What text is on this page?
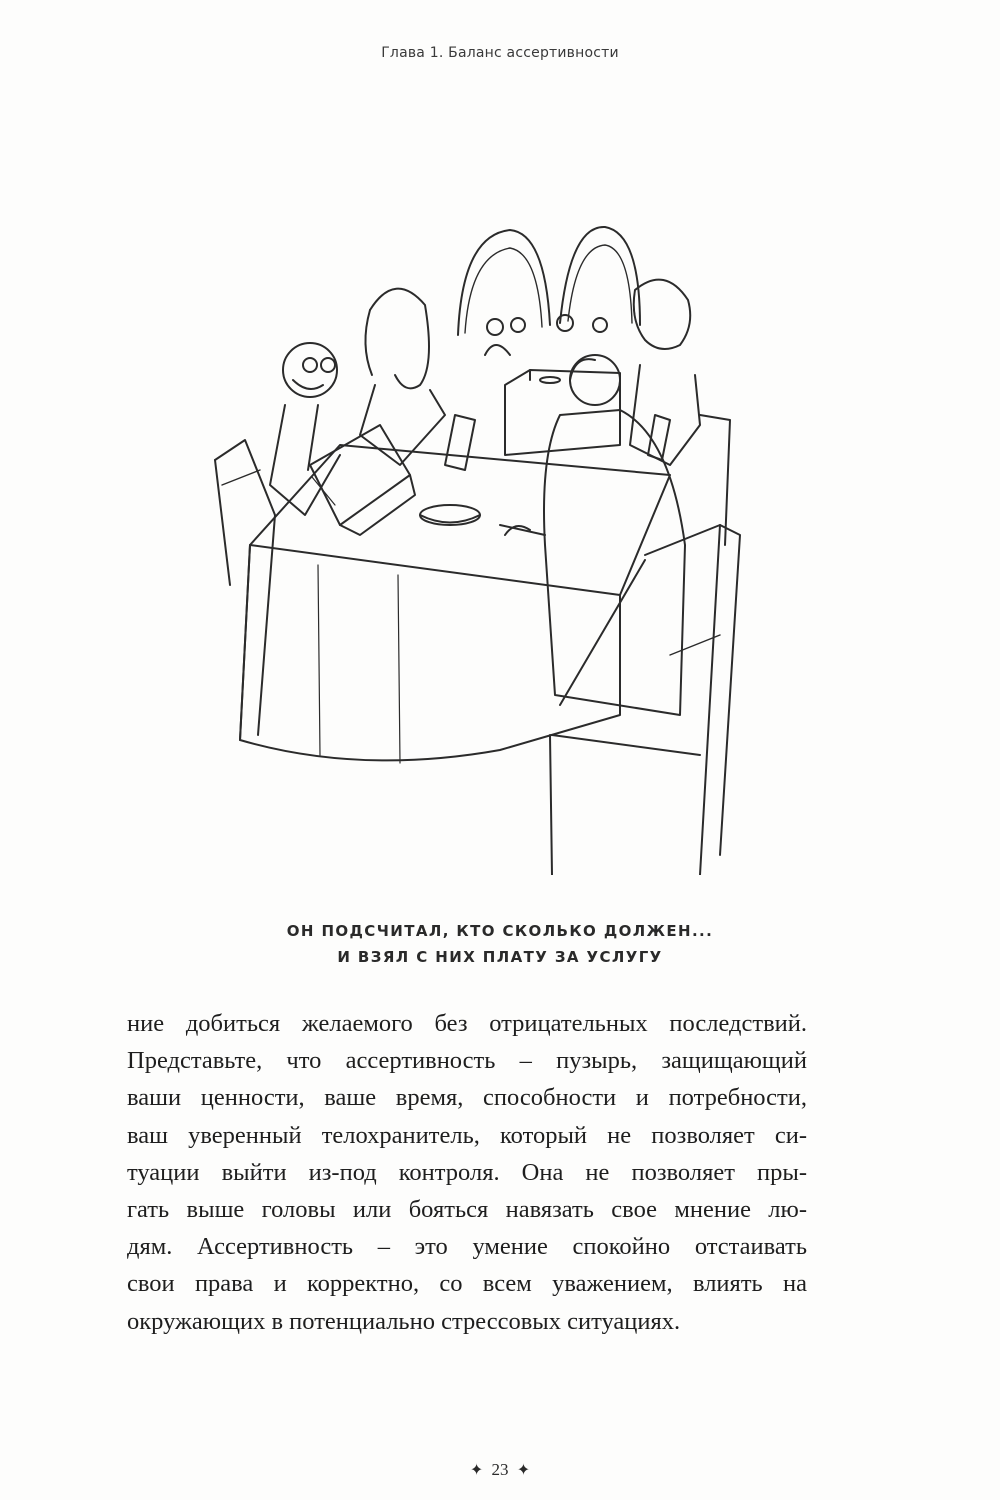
Глава 1. Баланс ассертивности
ОН ПОДСЧИТАЛ, КТО СКОЛЬКО ДОЛЖЕН...
И ВЗЯЛ С НИХ ПЛАТУ ЗА УСЛУГУ
ние добиться желаемого без отрицательных последствий.
Представьте, что ассертивность – пузырь, защищающий
ваши ценности, ваше время, способности и потребности,
ваш уверенный телохранитель, который не позволяет си-
туации выйти из-под контроля. Она не позволяет пры-
гать выше головы или бояться навязать свое мнение лю-
дям. Ассертивность – это умение спокойно отстаивать
свои права и корректно, со всем уважением, влиять на
окружающих в потенциально стрессовых ситуациях.
✦ 23 ✦
